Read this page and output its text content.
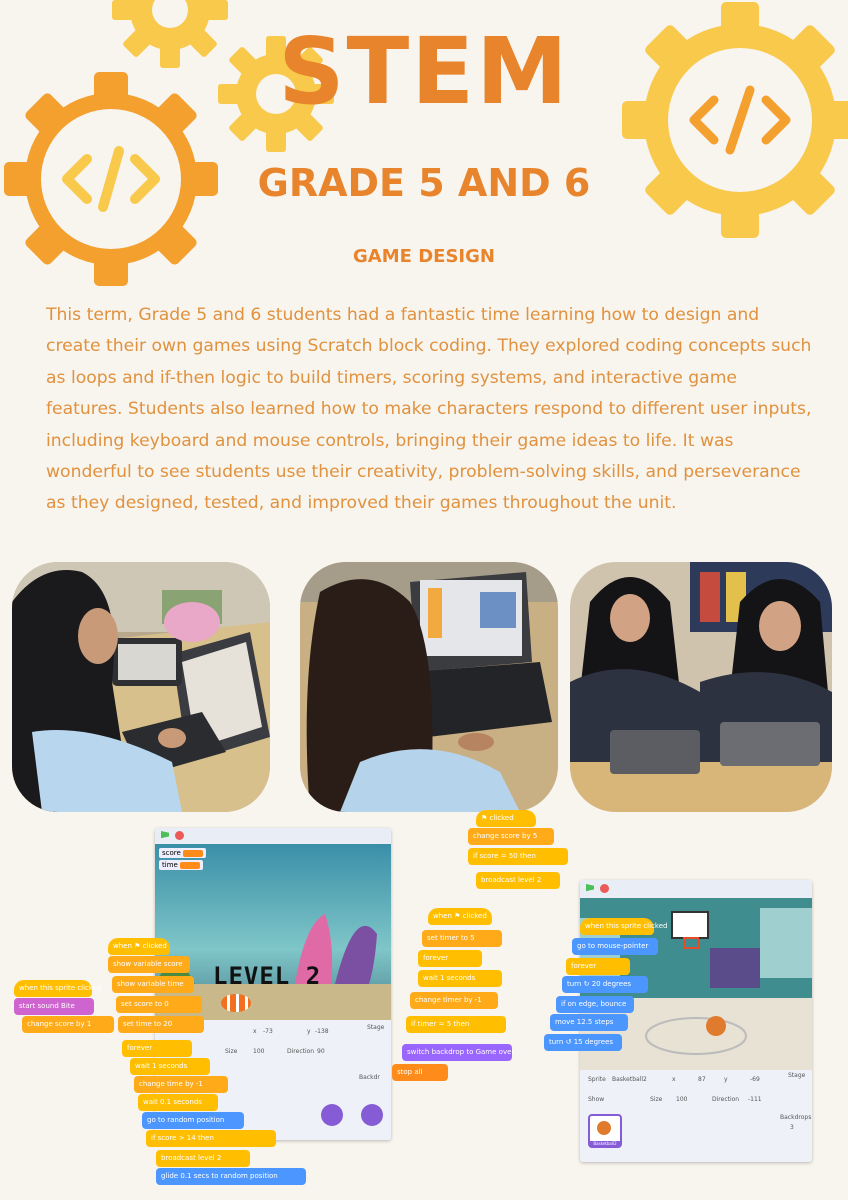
STEM
GRADE 5 AND 6
GAME DESIGN

This term, Grade 5 and 6 students had a fantastic time learning how to design and create their own games using Scratch block coding. They explored coding concepts such as loops and if-then logic to build timers, scoring systems, and interactive game features. Students also learned how to make characters respond to different user inputs, including keyboard and mouse controls, bringing their game ideas to life. It was wonderful to see students use their creativity, problem-solving skills, and perseverance as they designed, tested, and improved their games throughout the unit.

score
time
LEVEL 2
x -73	y -138
Size	100	Direction 90
Stage
Backdr
when this sprite clicked
start sound Bite
change score by 1
when ⚑ clicked
show variable score
show variable time
set score to 0
set time to 20
forever
wait 1 seconds
change time by -1
wait 0.1 seconds
go to random position
if score > 14 then
broadcast level 2
glide 0.1 secs to random position
⚑ clicked
change score by 5
if score = 50 then
broadcast level 2
when ⚑ clicked
set timer to 5
forever
wait 1 seconds
change timer by -1
if timer = 5 then
switch backdrop to Game over
stop all
Sprite Basketball2	x	87	y	-69
Show	Size 100	Direction -111
Stage
Backdrops
3
Basketball2
when this sprite clicked
go to mouse-pointer
forever
turn ↻ 20 degrees
if on edge, bounce
move 12.5 steps
turn ↺ 15 degrees
